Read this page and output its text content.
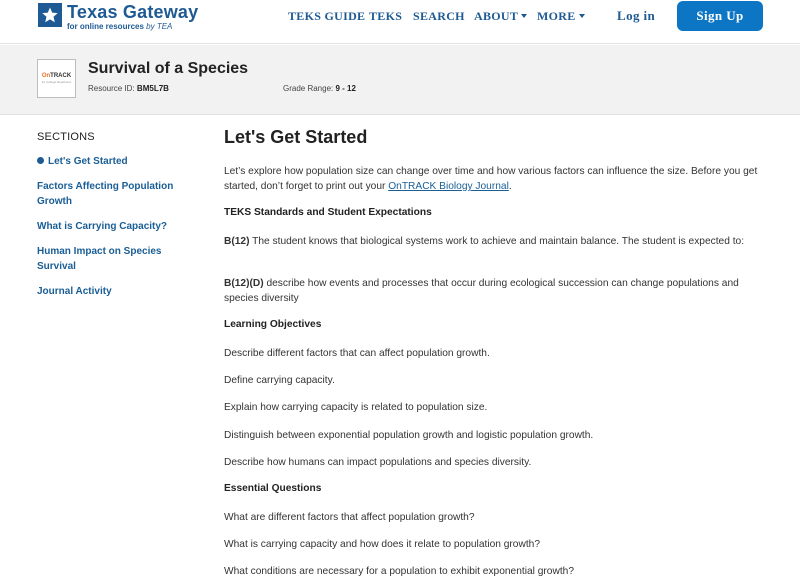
Texas Gateway
for online resources by TEA
TEKS GUIDE TEKS SEARCH ABOUT	MORE	Log in	Sign Up
OnTRACK
for College Readiness
Survival of a Species
Resource ID: BM5L7B	Grade Range: 9 - 12
SECTIONS
Let's Get Started
Factors Affecting Population Growth
What is Carrying Capacity?
Human Impact on Species Survival
Journal Activity
Let's Get Started
Let’s explore how population size can change over time and how various factors can influence the size. Before you get started, don’t forget to print out your OnTRACK Biology Journal.
TEKS Standards and Student Expectations
B(12) The student knows that biological systems work to achieve and maintain balance. The student is expected to:
B(12)(D) describe how events and processes that occur during ecological succession can change populations and species diversity
Learning Objectives
Describe different factors that can affect population growth.
Define carrying capacity.
Explain how carrying capacity is related to population size.
Distinguish between exponential population growth and logistic population growth.
Describe how humans can impact populations and species diversity.
Essential Questions
What are different factors that affect population growth?
What is carrying capacity and how does it relate to population growth?
What conditions are necessary for a population to exhibit exponential growth?
